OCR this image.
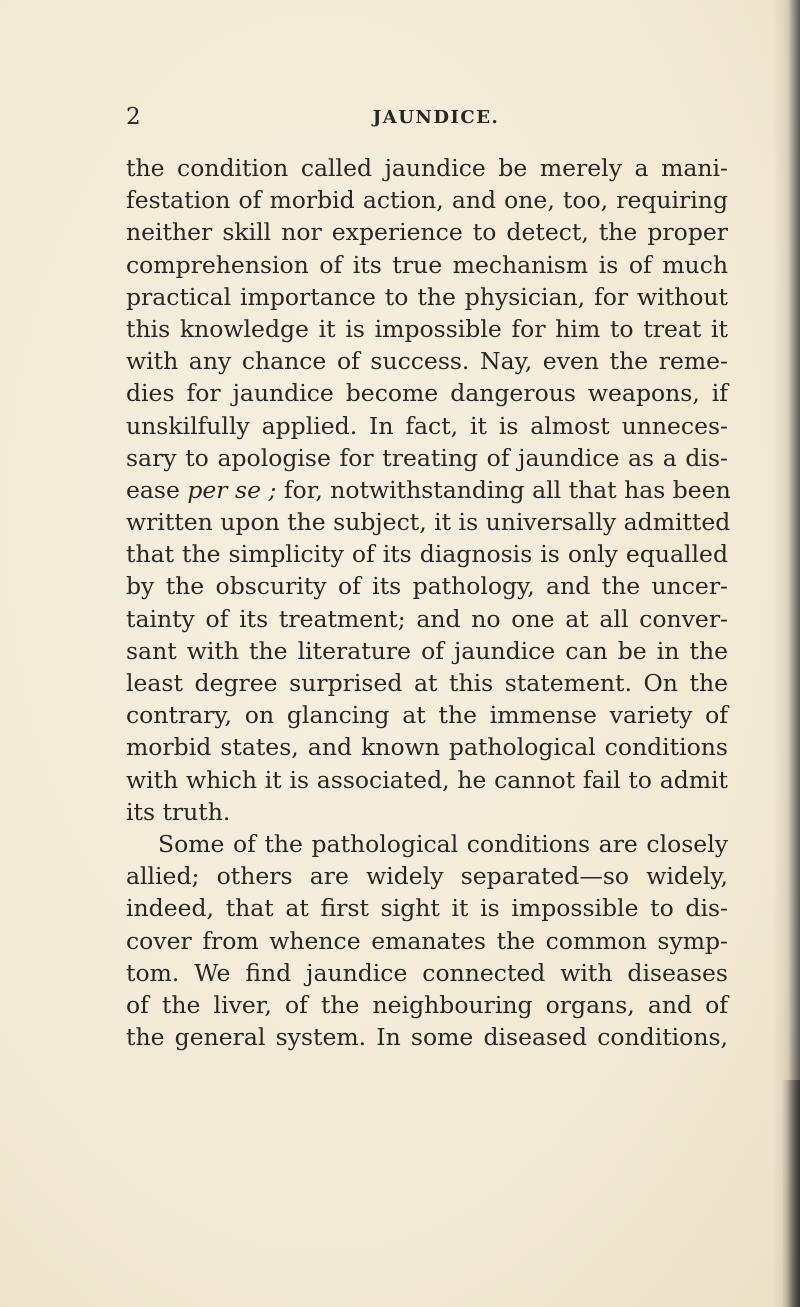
2	JAUNDICE.
the condition called jaundice be merely a mani-
festation of morbid action, and one, too, requiring
neither skill nor experience to detect, the proper
comprehension of its true mechanism is of much
practical importance to the physician, for without
this knowledge it is impossible for him to treat it
with any chance of success. Nay, even the reme-
dies for jaundice become dangerous weapons, if
unskilfully applied. In fact, it is almost unneces-
sary to apologise for treating of jaundice as a dis-
ease per se ; for, notwithstanding all that has been
written upon the subject, it is universally admitted
that the simplicity of its diagnosis is only equalled
by the obscurity of its pathology, and the uncer-
tainty of its treatment; and no one at all conver-
sant with the literature of jaundice can be in the
least degree surprised at this statement. On the
contrary, on glancing at the immense variety of
morbid states, and known pathological conditions
with which it is associated, he cannot fail to admit
its truth.
Some of the pathological conditions are closely
allied; others are widely separated—so widely,
indeed, that at first sight it is impossible to dis-
cover from whence emanates the common symp-
tom. We find jaundice connected with diseases
of the liver, of the neighbouring organs, and of
the general system. In some diseased conditions,
